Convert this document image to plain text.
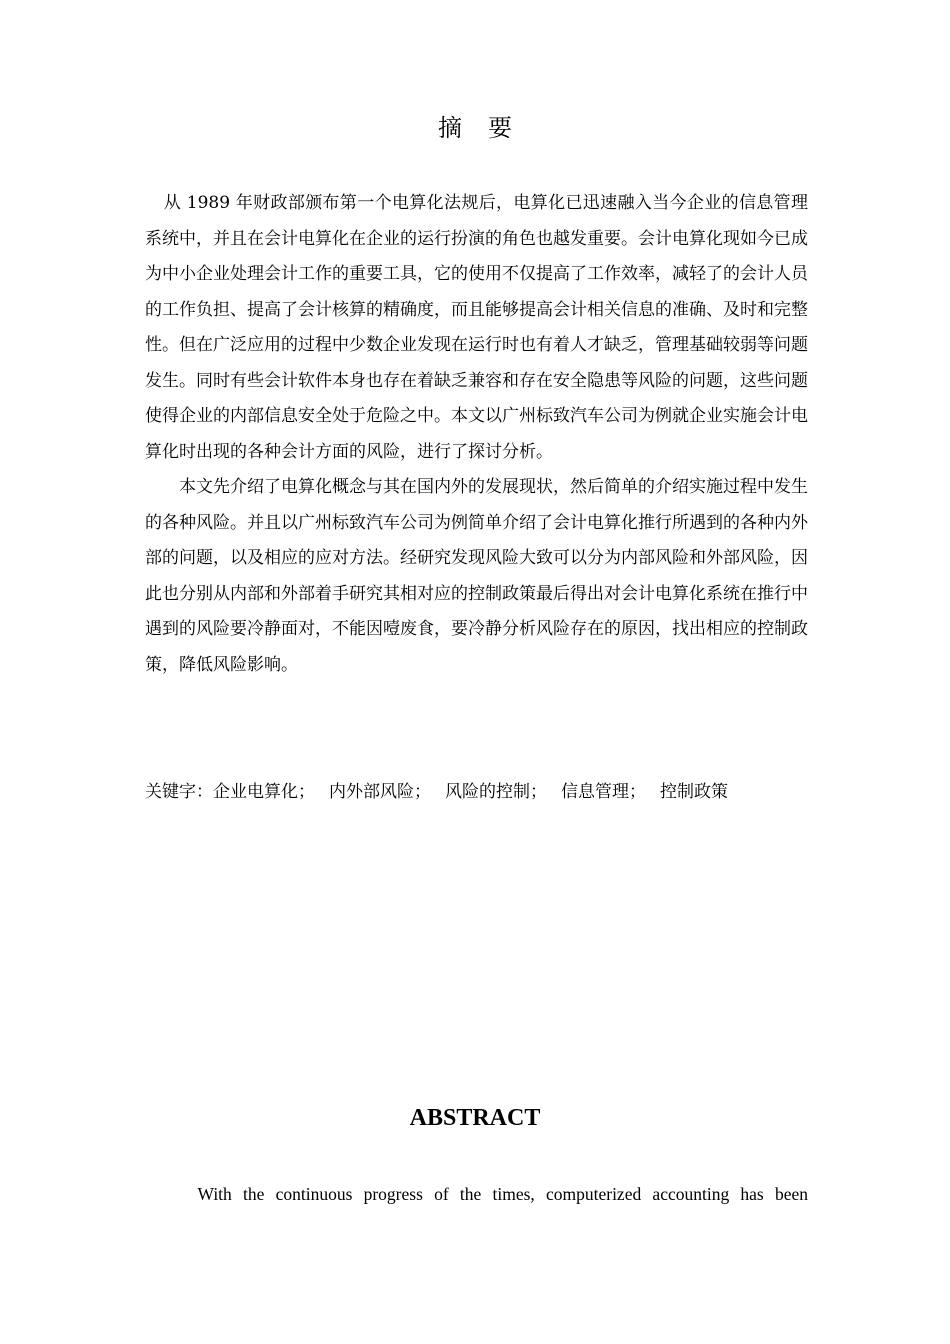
摘要

从 1989 年财政部颁布第一个电算化法规后，电算化已迅速融入当今企业的信息管理系统中，并且在会计电算化在企业的运行扮演的角色也越发重要。会计电算化现如今已成为中小企业处理会计工作的重要工具，它的使用不仅提高了工作效率，减轻了的会计人员的工作负担、提高了会计核算的精确度，而且能够提高会计相关信息的准确、及时和完整性。但在广泛应用的过程中少数企业发现在运行时也有着人才缺乏，管理基础较弱等问题发生。同时有些会计软件本身也存在着缺乏兼容和存在安全隐患等风险的问题，这些问题使得企业的内部信息安全处于危险之中。本文以广州标致汽车公司为例就企业实施会计电算化时出现的各种会计方面的风险，进行了探讨分析。

本文先介绍了电算化概念与其在国内外的发展现状，然后简单的介绍实施过程中发生的各种风险。并且以广州标致汽车公司为例简单介绍了会计电算化推行所遇到的各种内外部的问题，以及相应的应对方法。经研究发现风险大致可以分为内部风险和外部风险，因此也分别从内部和外部着手研究其相对应的控制政策最后得出对会计电算化系统在推行中遇到的风险要冷静面对，不能因噎废食，要冷静分析风险存在的原因，找出相应的控制政策，降低风险影响。

关键字：企业电算化； 内外部风险； 风险的控制； 信息管理； 控制政策
ABSTRACT
With the continuous progress of the times, computerized accounting has been
